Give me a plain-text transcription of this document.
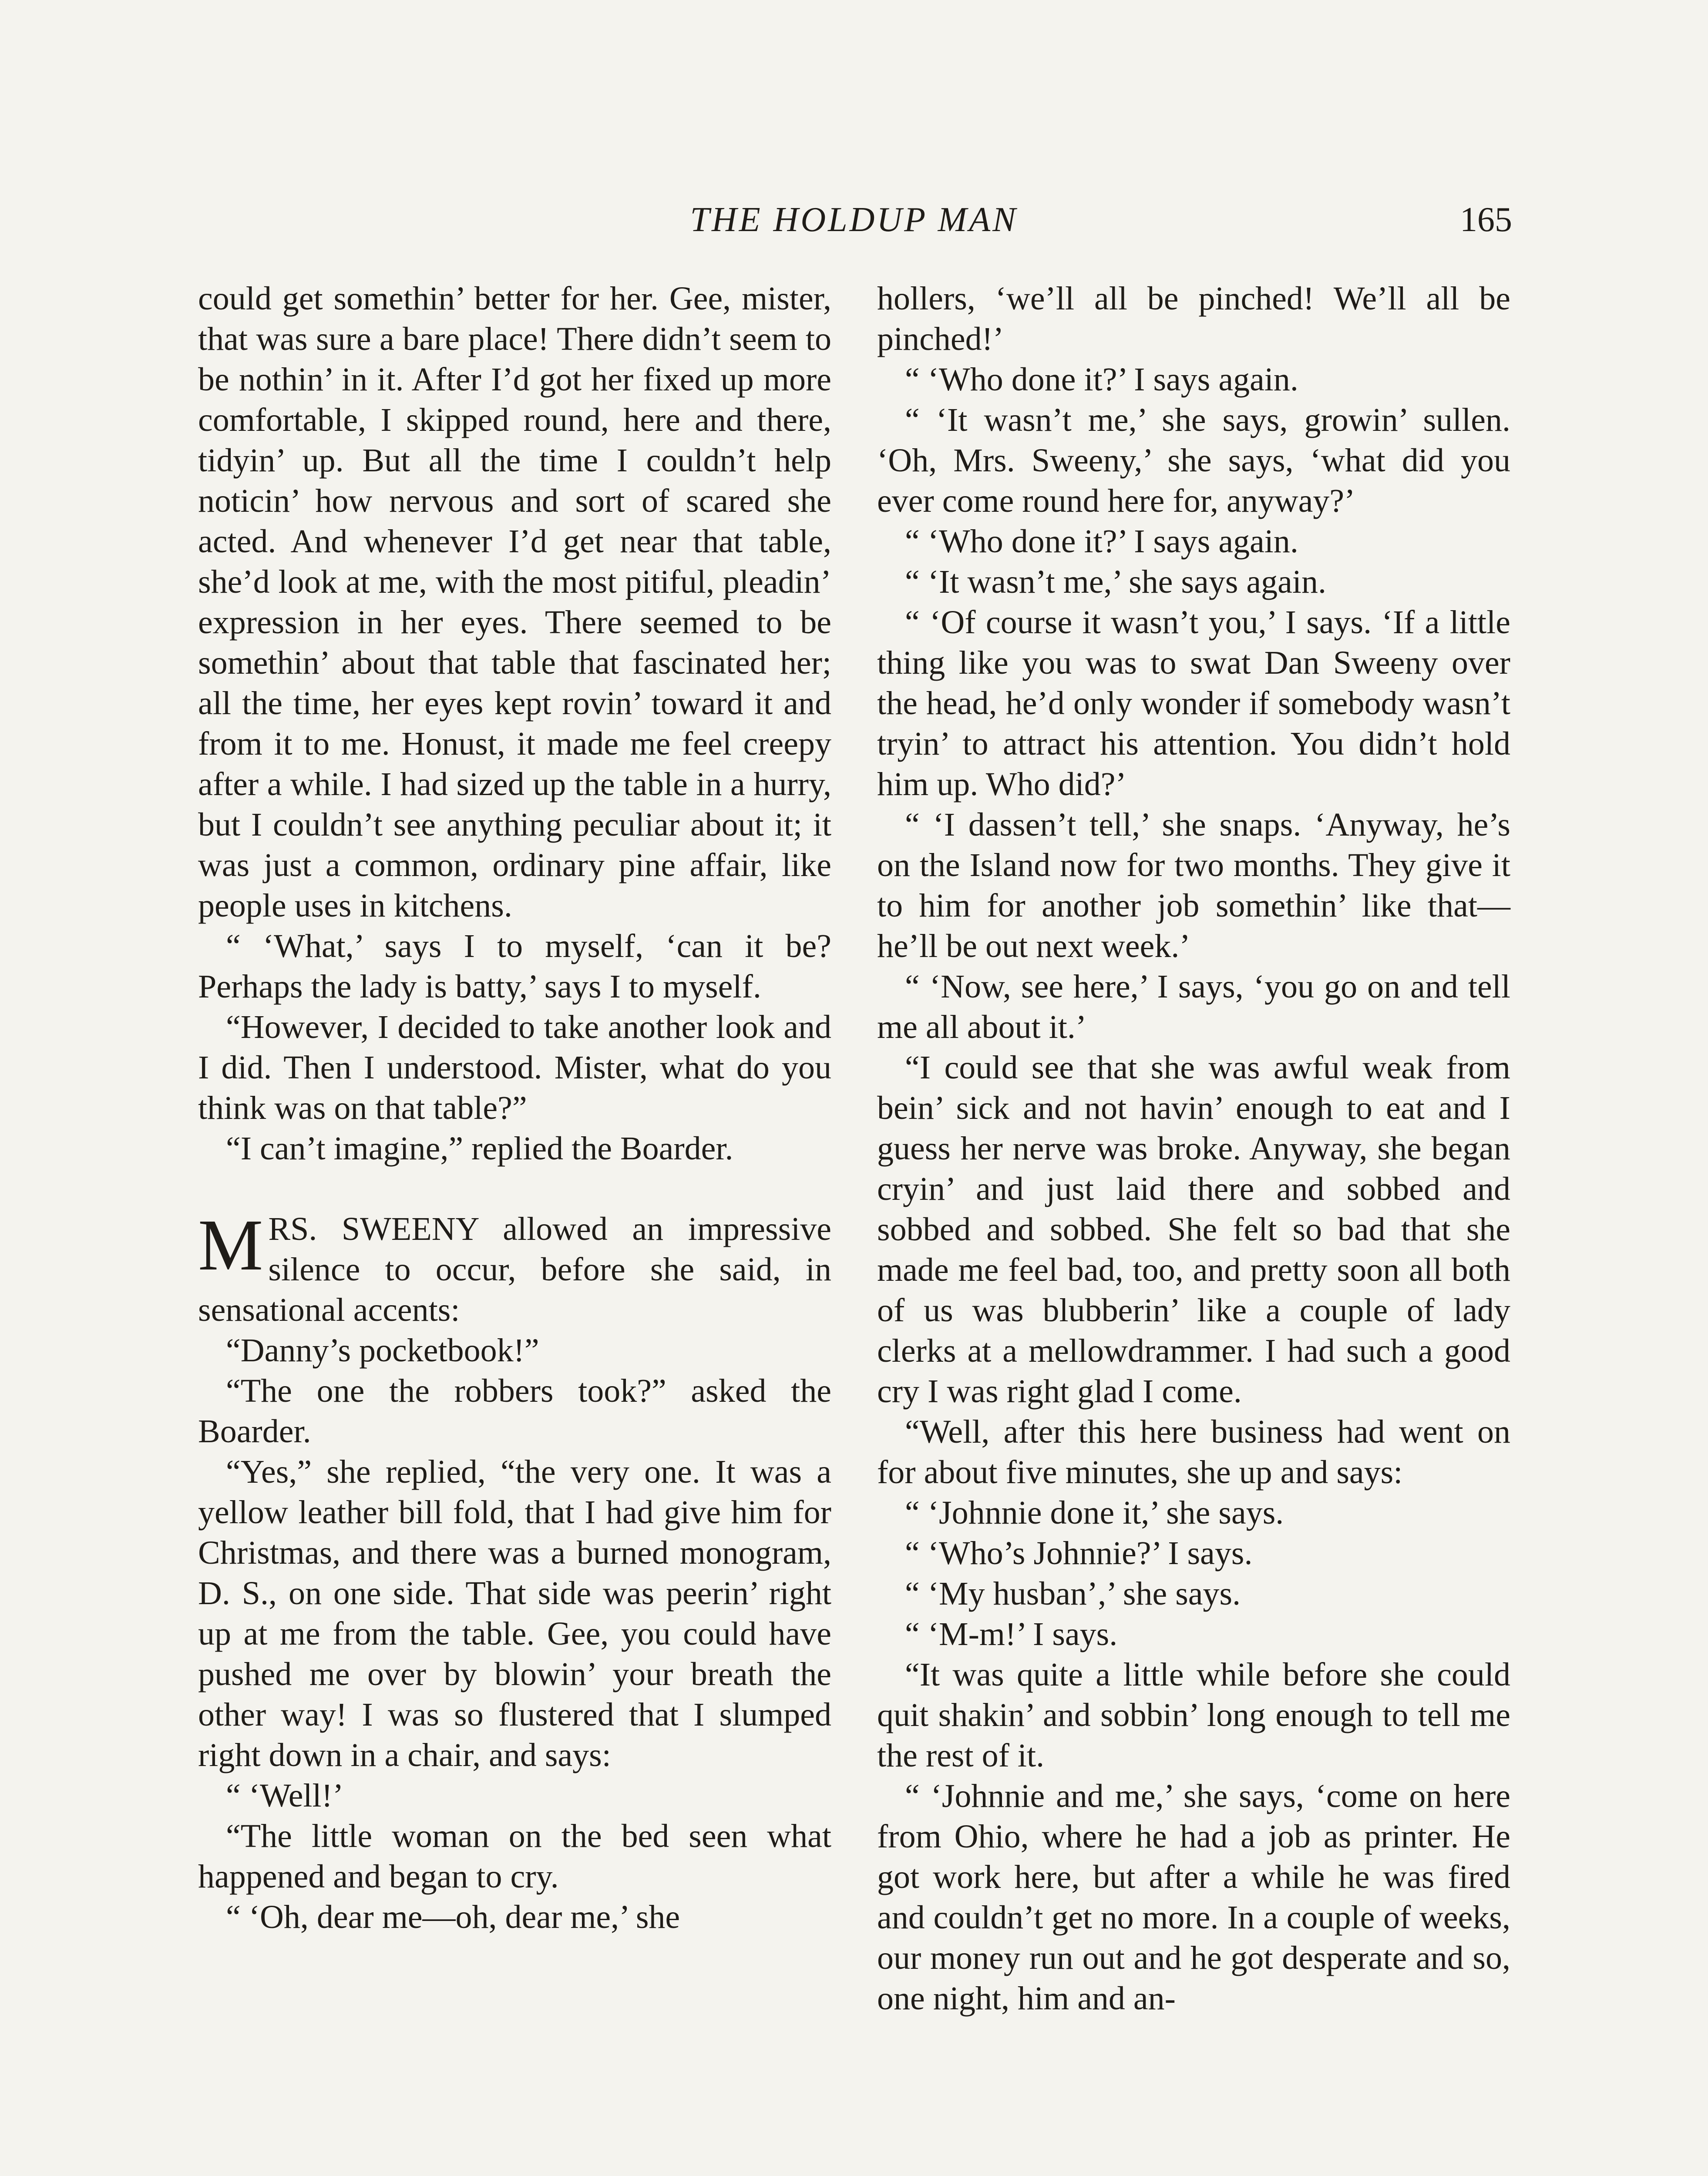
THE HOLDUP MAN	165

could get somethin’ better for her. Gee, mister, that was sure a bare place! There didn’t seem to be nothin’ in it. After I’d got her fixed up more comfortable, I skipped round, here and there, tidyin’ up. But all the time I couldn’t help noticin’ how nervous and sort of scared she acted. And whenever I’d get near that table, she’d look at me, with the most pitiful, pleadin’ expression in her eyes. There seemed to be somethin’ about that table that fascinated her; all the time, her eyes kept rovin’ toward it and from it to me. Honust, it made me feel creepy after a while. I had sized up the table in a hurry, but I couldn’t see anything peculiar about it; it was just a common, ordinary pine affair, like people uses in kitchens.

“ ‘What,’ says I to myself, ‘can it be? Perhaps the lady is batty,’ says I to myself.

“However, I decided to take another look and I did. Then I understood. Mister, what do you think was on that table?”

“I can’t imagine,” replied the Boarder.

MRS. SWEENY allowed an impressive silence to occur, before she said, in sensational accents:

“Danny’s pocketbook!”

“The one the robbers took?” asked the Boarder.

“Yes,” she replied, “the very one. It was a yellow leather bill fold, that I had give him for Christmas, and there was a burned monogram, D. S., on one side. That side was peerin’ right up at me from the table. Gee, you could have pushed me over by blowin’ your breath the other way! I was so flustered that I slumped right down in a chair, and says:

“ ‘Well!’

“The little woman on the bed seen what happened and began to cry.

“ ‘Oh, dear me—oh, dear me,’ she

hollers, ‘we’ll all be pinched! We’ll all be pinched!’

“ ‘Who done it?’ I says again.

“ ‘It wasn’t me,’ she says, growin’ sullen. ‘Oh, Mrs. Sweeny,’ she says, ‘what did you ever come round here for, anyway?’

“ ‘Who done it?’ I says again.

“ ‘It wasn’t me,’ she says again.

“ ‘Of course it wasn’t you,’ I says. ‘If a little thing like you was to swat Dan Sweeny over the head, he’d only wonder if somebody wasn’t tryin’ to attract his attention. You didn’t hold him up. Who did?’

“ ‘I dassen’t tell,’ she snaps. ‘Anyway, he’s on the Island now for two months. They give it to him for another job somethin’ like that—he’ll be out next week.’

“ ‘Now, see here,’ I says, ‘you go on and tell me all about it.’

“I could see that she was awful weak from bein’ sick and not havin’ enough to eat and I guess her nerve was broke. Anyway, she began cryin’ and just laid there and sobbed and sobbed and sobbed. She felt so bad that she made me feel bad, too, and pretty soon all both of us was blubberin’ like a couple of lady clerks at a mellowdrammer. I had such a good cry I was right glad I come.

“Well, after this here business had went on for about five minutes, she up and says:

“ ‘Johnnie done it,’ she says.

“ ‘Who’s Johnnie?’ I says.

“ ‘My husban’,’ she says.

“ ‘M-m!’ I says.

“It was quite a little while before she could quit shakin’ and sobbin’ long enough to tell me the rest of it.

“ ‘Johnnie and me,’ she says, ‘come on here from Ohio, where he had a job as printer. He got work here, but after a while he was fired and couldn’t get no more. In a couple of weeks, our money run out and he got desperate and so, one night, him and an-
